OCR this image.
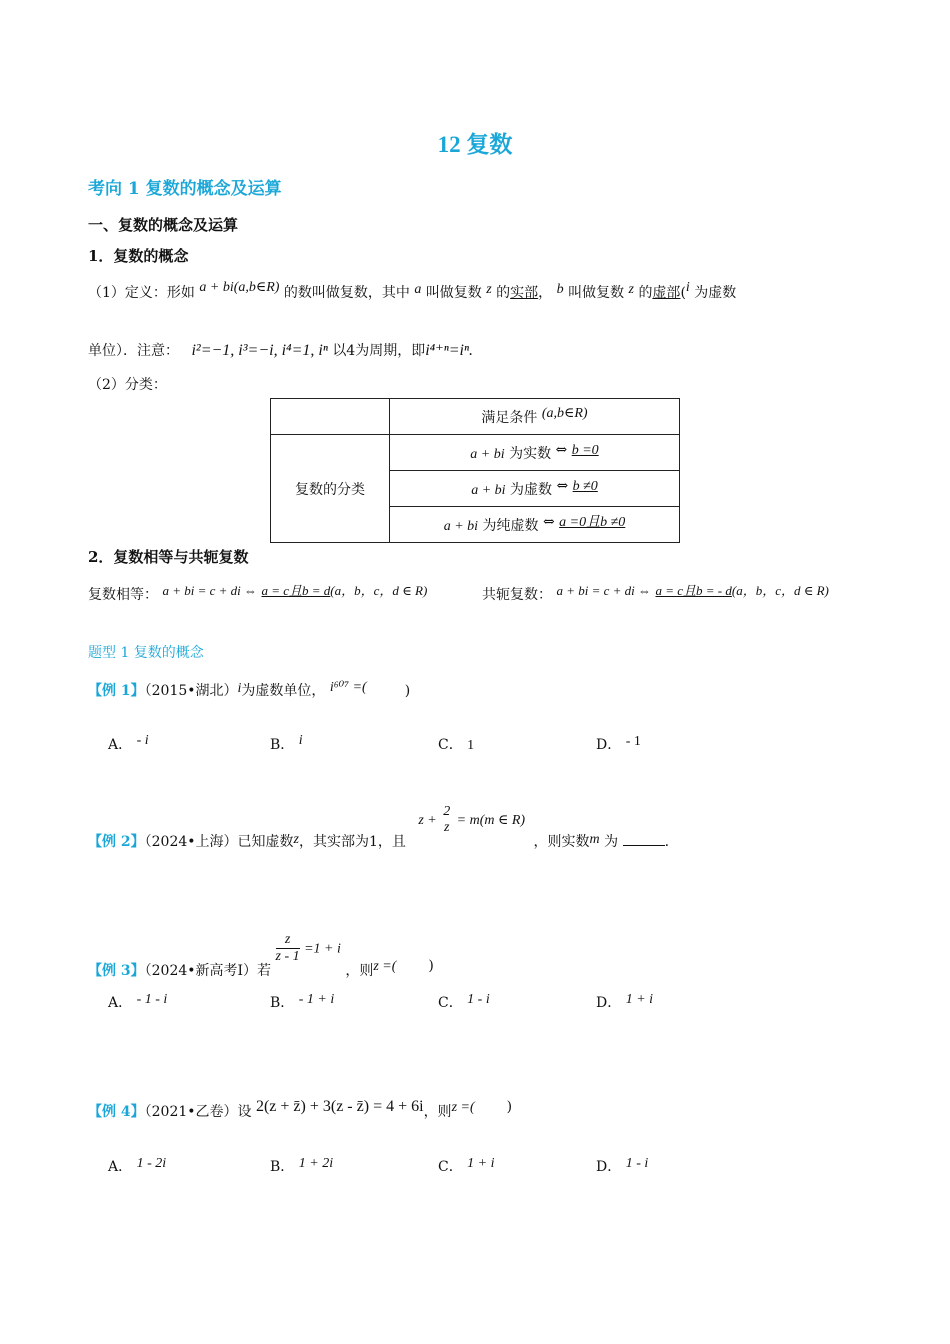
12 复数
考向 1 复数的概念及运算
一、复数的概念及运算
1．复数的概念
（1）定义：形如 a + bi(a,b∈R) 的数叫做复数，其中 a 叫做复数 z 的实部， b 叫做复数 z 的虚部(i 为虚数
单位）．注意： i²=−1, i³=−i, i⁴=1, iⁿ 以4为周期，即i⁴⁺ⁿ=iⁿ.
（2）分类：
	满足条件 (a,b∈R)
复数的分类	a + bi 为实数 ⇔ b =0
	a + bi 为虚数 ⇔ b ≠0
	a + bi 为纯虚数 ⇔ a =0且b ≠0
2．复数相等与共轭复数
复数相等： a + bi = c + di ⇔ a = c且b = d(a，b，c，d ∈ R)	共轭复数： a + bi = c + di ⇔ a = c且b = - d(a，b，c，d ∈ R)
题型 1 复数的概念
【例 1】（2015•湖北）i为虚数单位， i⁶⁰⁷ =(	)
A． - i	B． i	C． 1	D． - 1
【例 2】（2024•上海）已知虚数z，其实部为1，且 z +
2
z = m(m ∈ R) ，则实数m 为	.
【例 3】（2024•新高考Ⅰ）若
$\frac{z}{z - 1} =1 + i$ ，则z =( )
A． - 1 - i	B． - 1 + i	C． 1 - i	D． 1 + i
【例 4】（2021•乙卷）设 2(z + z̄) + 3(z - z̄) = 4 + 6i，则z =( )
A． 1 - 2i	B． 1 + 2i	C． 1 + i	D． 1 - i
